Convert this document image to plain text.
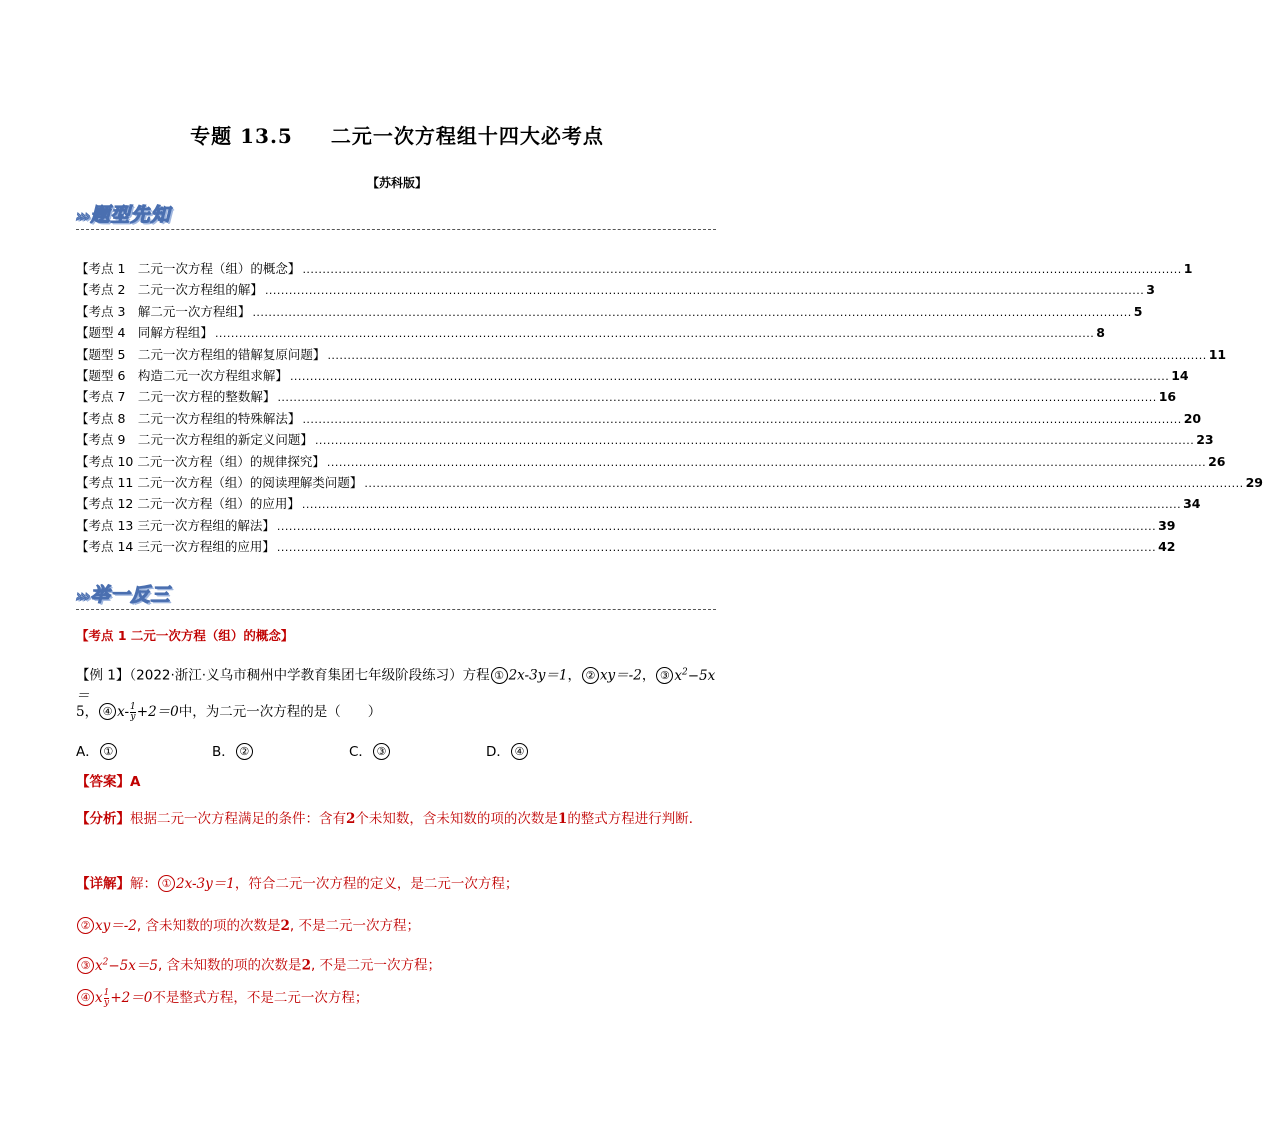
专题 13.5 二元一次方程组十四大必考点
【苏科版】
››› 题型先知
【考点 1　二元一次方程（组）的概念】 ............................................................................................................................................................................................................................ 1
【考点 2　二元一次方程组的解】 ............................................................................................................................................................................................................................ 3
【考点 3　解二元一次方程组】 ............................................................................................................................................................................................................................ 5
【题型 4　同解方程组】 ............................................................................................................................................................................................................................ 8
【题型 5　二元一次方程组的错解复原问题】 ............................................................................................................................................................................................................................ 11
【题型 6　构造二元一次方程组求解】 ............................................................................................................................................................................................................................ 14
【考点 7　二元一次方程的整数解】 ............................................................................................................................................................................................................................ 16
【考点 8　二元一次方程组的特殊解法】 ............................................................................................................................................................................................................................ 20
【考点 9　二元一次方程组的新定义问题】 ............................................................................................................................................................................................................................ 23
【考点 10 二元一次方程（组）的规律探究】 ............................................................................................................................................................................................................................ 26
【考点 11 二元一次方程（组）的阅读理解类问题】 ............................................................................................................................................................................................................................ 29
【考点 12 二元一次方程（组）的应用】 ............................................................................................................................................................................................................................ 34
【考点 13 三元一次方程组的解法】 ............................................................................................................................................................................................................................ 39
【考点 14 三元一次方程组的应用】 ............................................................................................................................................................................................................................ 42
››› 举一反三
【考点 1 二元一次方程（组）的概念】
【例 1】（2022·浙江·义乌市稠州中学教育集团七年级阶段练习）方程 ① 2x-3y＝1， ② xy＝-2， ③ $x^2-5x=$
5， ④ $x- \frac{1}{y} +2=0$中，为二元一次方程的是（　　）
A． ①	B． ②	C． ③	D． ④
【答案】A
【分析】根据二元一次方程满足的条件：含有2个未知数，含未知数的项的次数是1的整式方程进行判断．
【详解】解： ① 2x-3y＝1，符合二元一次方程的定义，是二元一次方程；
② xy＝-2, 含未知数的项的次数是2, 不是二元一次方程；
③ $x^2-5x=5$, 含未知数的项的次数是2, 不是二元一次方程；
④ x $\frac{1}{y} +2=0$不是整式方程，不是二元一次方程；
